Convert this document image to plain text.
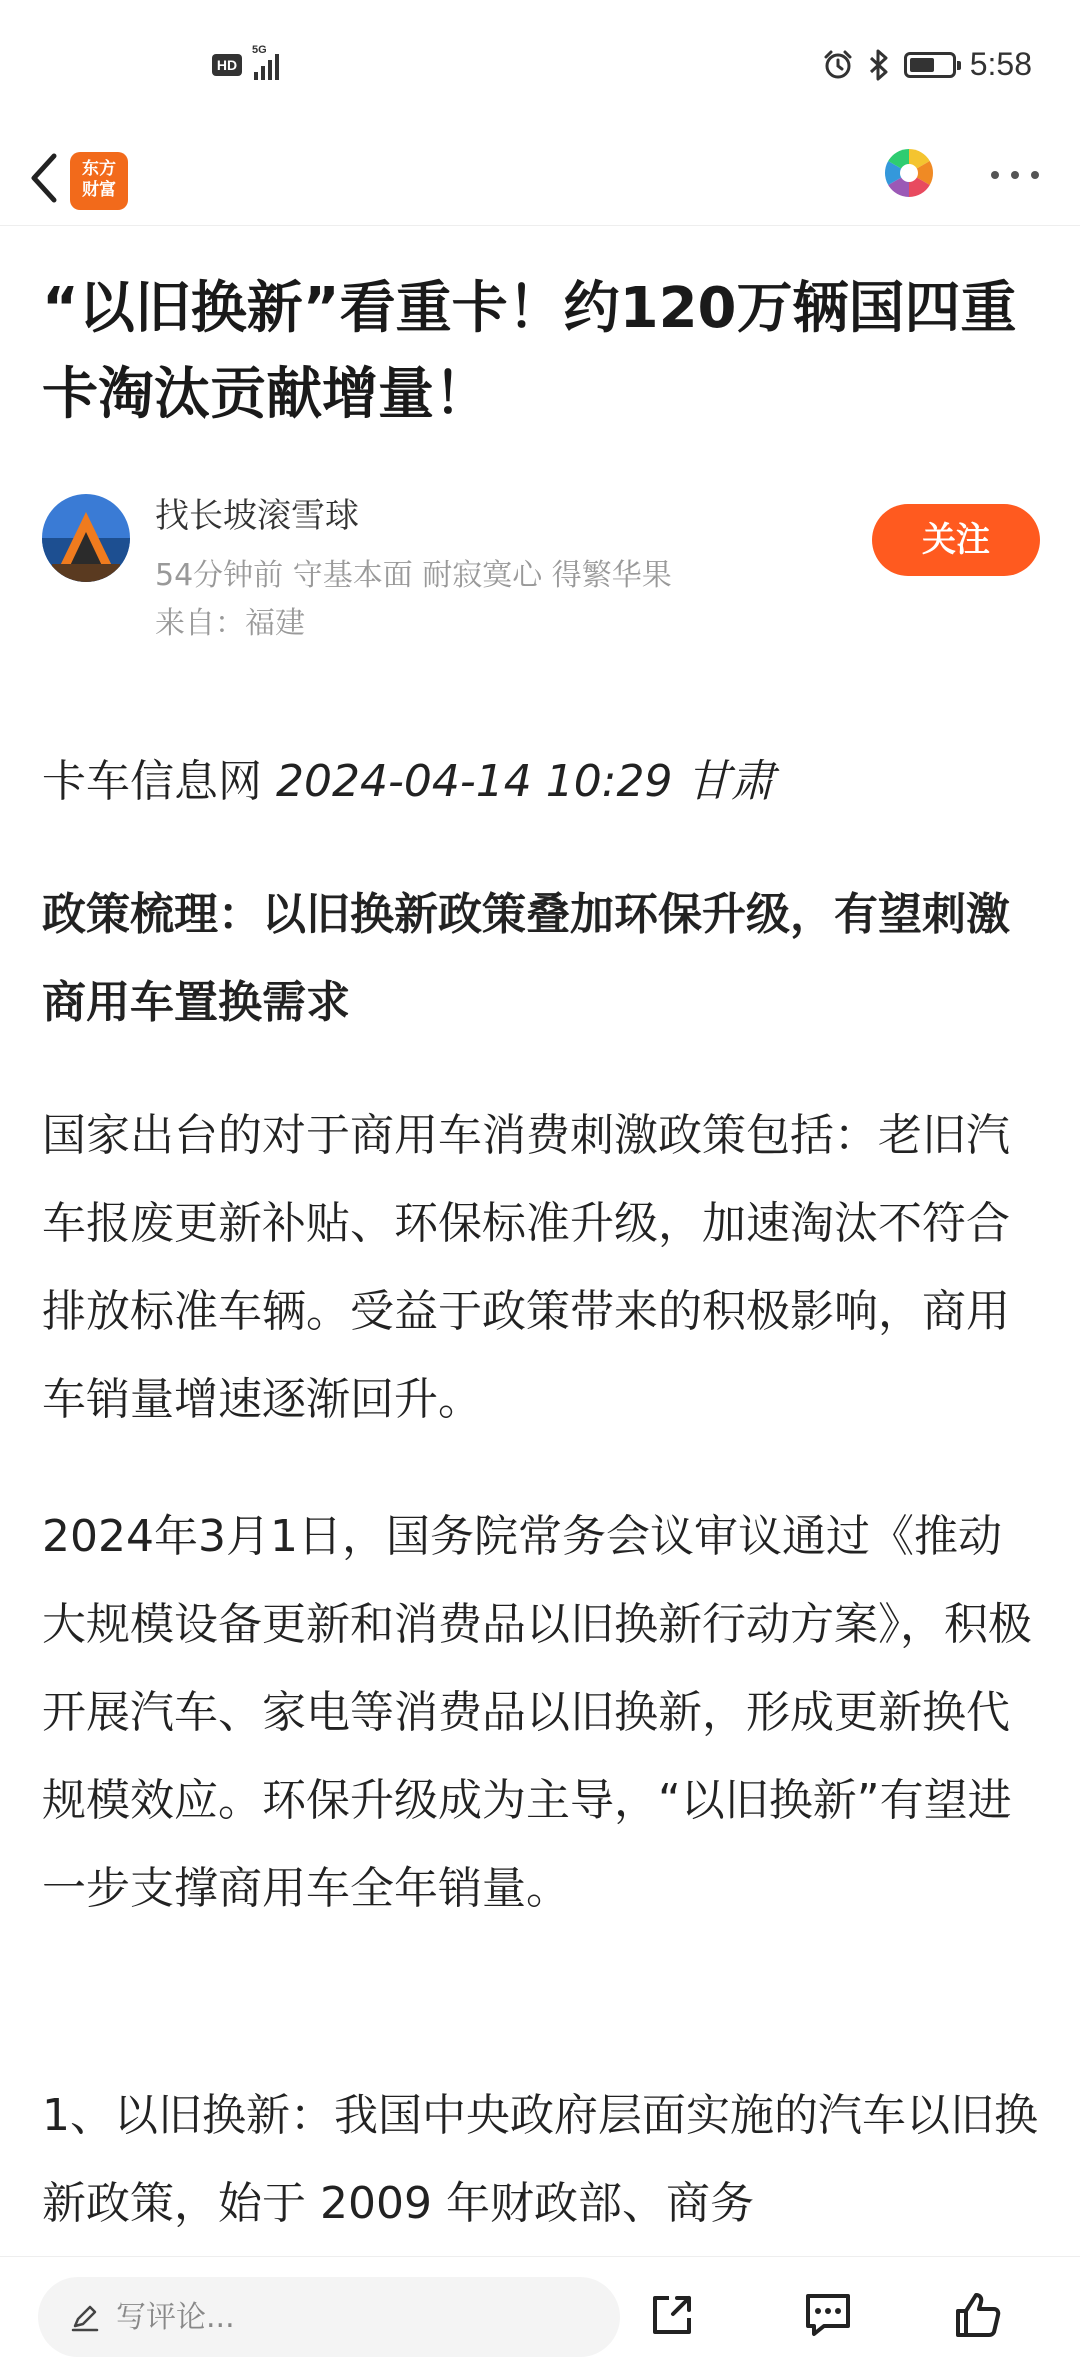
HD
5G	5:58
东方
财富
“以旧换新”看重卡！约120万辆国四重卡淘汰贡献增量！
找长坡滚雪球
54分钟前 守基本面 耐寂寞心 得繁华果
来自：福建
关注
卡车信息网 2024-04-14 10:29 甘肃
政策梳理：以旧换新政策叠加环保升级，有望刺激商用车置换需求
国家出台的对于商用车消费刺激政策包括：老旧汽车报废更新补贴、环保标准升级，加速淘汰不符合排放标准车辆。受益于政策带来的积极影响，商用车销量增速逐渐回升。
2024年3月1日，国务院常务会议审议通过《推动大规模设备更新和消费品以旧换新行动方案》，积极开展汽车、家电等消费品以旧换新，形成更新换代规模效应。环保升级成为主导，“以旧换新”有望进一步支撑商用车全年销量。
1、以旧换新：我国中央政府层面实施的汽车以旧换新政策，始于 2009 年财政部、商务
写评论...
